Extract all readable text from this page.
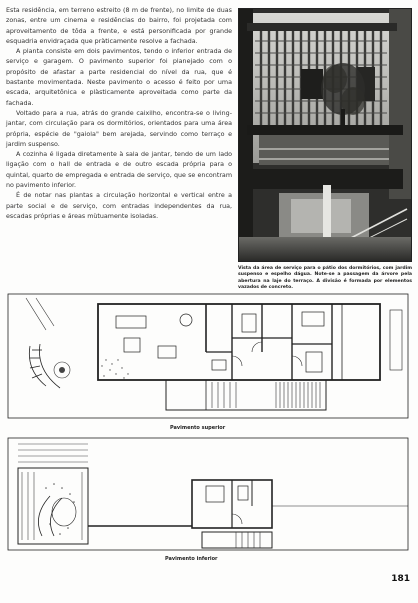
Esta residência, em terreno estreito (8 m de frente), no limite de duas zonas, entre um cinema e residências do bairro, foi projetada com aproveitamento de tôda a frente, e está personificada por grande esquadria envidraçada que pràticamente resolve a fachada.

A planta consiste em dois pavimentos, tendo o inferior entrada de serviço e garagem. O pavimento superior foi planejado com o propósito de afastar a parte residencial do nível da rua, que é bastante movimentada. Neste pavimento o acesso é feito por uma escada, arquitetônica e plàsticamente aproveitada como parte da fachada.

Voltado para a rua, atrás do grande caixilho, encontra-se o living-jantar, com circulação para os dormitórios, orientados para uma área própria, espécie de "gaiola" bem arejada, servindo como terraço e jardim suspenso.

A cozinha é ligada diretamente à sala de jantar, tendo de um lado ligação com o hall de entrada e de outro escada própria para o quintal, quarto de empregada e entrada de serviço, que se encontram no pavimento inferior.

É de notar nas plantas a circulação horizontal e vertical entre a parte social e de serviço, com entradas independentes da rua, escadas próprias e áreas mùtuamente isoladas.

Vista da área de serviço para o pátio dos dormitórios, com jardim suspenso e espelho dágua. Note-se a passagem da árvore pela abertura na laje do terraço. A divisão é formada por elementos vazados de concreto.
Pavimento superior
Pavimento inferior
181
